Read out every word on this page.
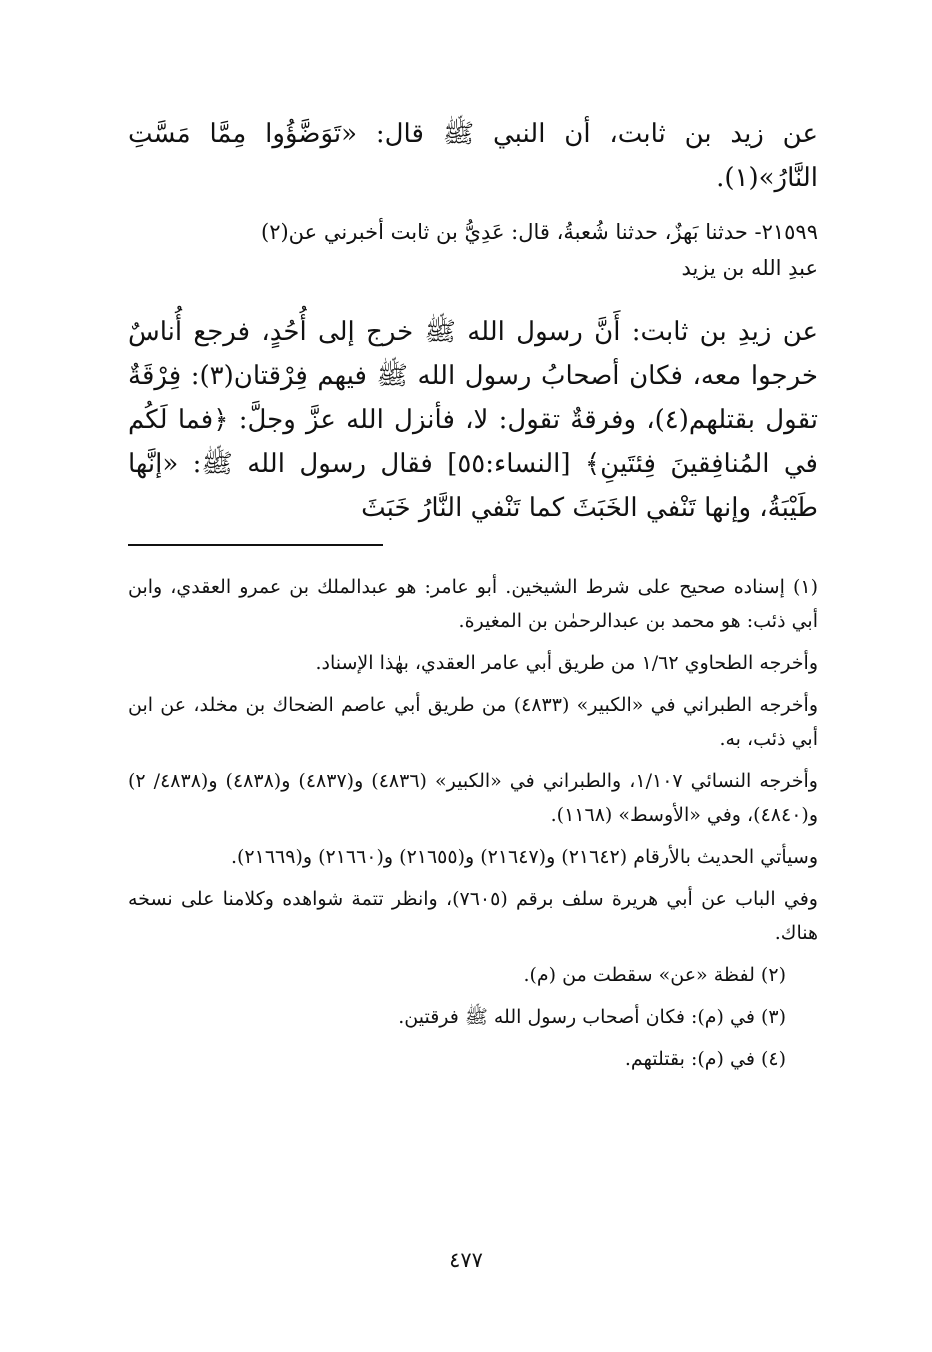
عن زيد بن ثابت، أن النبي ﷺ قال: «تَوَضَّؤُوا مِمَّا مَسَّتِ النَّارُ»(١).

٢١٥٩٩- حدثنا بَهزٌ، حدثنا شُعبةُ، قال: عَدِيُّ بن ثابت أخبرني عن(٢)
عبدِ الله بن يزيد

عن زيدِ بن ثابت: أَنَّ رسول الله ﷺ خرج إلى أُحُدٍ، فرجع أُناسٌ خرجوا معه، فكان أصحابُ رسول الله ﷺ فيهم فِرْقتان(٣): فِرْقَةٌ تقول بقتلهم(٤)، وفرقةٌ تقول: لا، فأنزل الله عزَّ وجلَّ: ﴿فما لَكُم في المُنافِقينَ فِئتَينِ﴾ [النساء:٥٥] فقال رسول الله ﷺ: «إنَّها طَيْبَةُ، وإنها تَنْفي الخَبَثَ كما تَنْفي النَّارُ خَبَثَ

(١) إسناده صحيح على شرط الشيخين. أبو عامر: هو عبدالملك بن عمرو العقدي، وابن أبي ذئب: هو محمد بن عبدالرحمٰن بن المغيرة.

وأخرجه الطحاوي ١/٦٢ من طريق أبي عامر العقدي، بهٰذا الإسناد.

وأخرجه الطبراني في «الكبير» (٤٨٣٣) من طريق أبي عاصم الضحاك بن مخلد، عن ابن أبي ذئب، به.

وأخرجه النسائي ١/١٠٧، والطبراني في «الكبير» (٤٨٣٦) و(٤٨٣٧) و(٤٨٣٨) و(٤٨٣٨/ ٢) و(٤٨٤٠)، وفي «الأوسط» (١١٦٨).

وسيأتي الحديث بالأرقام (٢١٦٤٢) و(٢١٦٤٧) و(٢١٦٥٥) و(٢١٦٦٠) و(٢١٦٦٩).

وفي الباب عن أبي هريرة سلف برقم (٧٦٠٥)، وانظر تتمة شواهده وكلامنا على نسخه هناك.

(٢) لفظة «عن» سقطت من (م).

(٣) في (م): فكان أصحاب رسول الله ﷺ فرقتين.

(٤) في (م): بقتلتهم.

٤٧٧
